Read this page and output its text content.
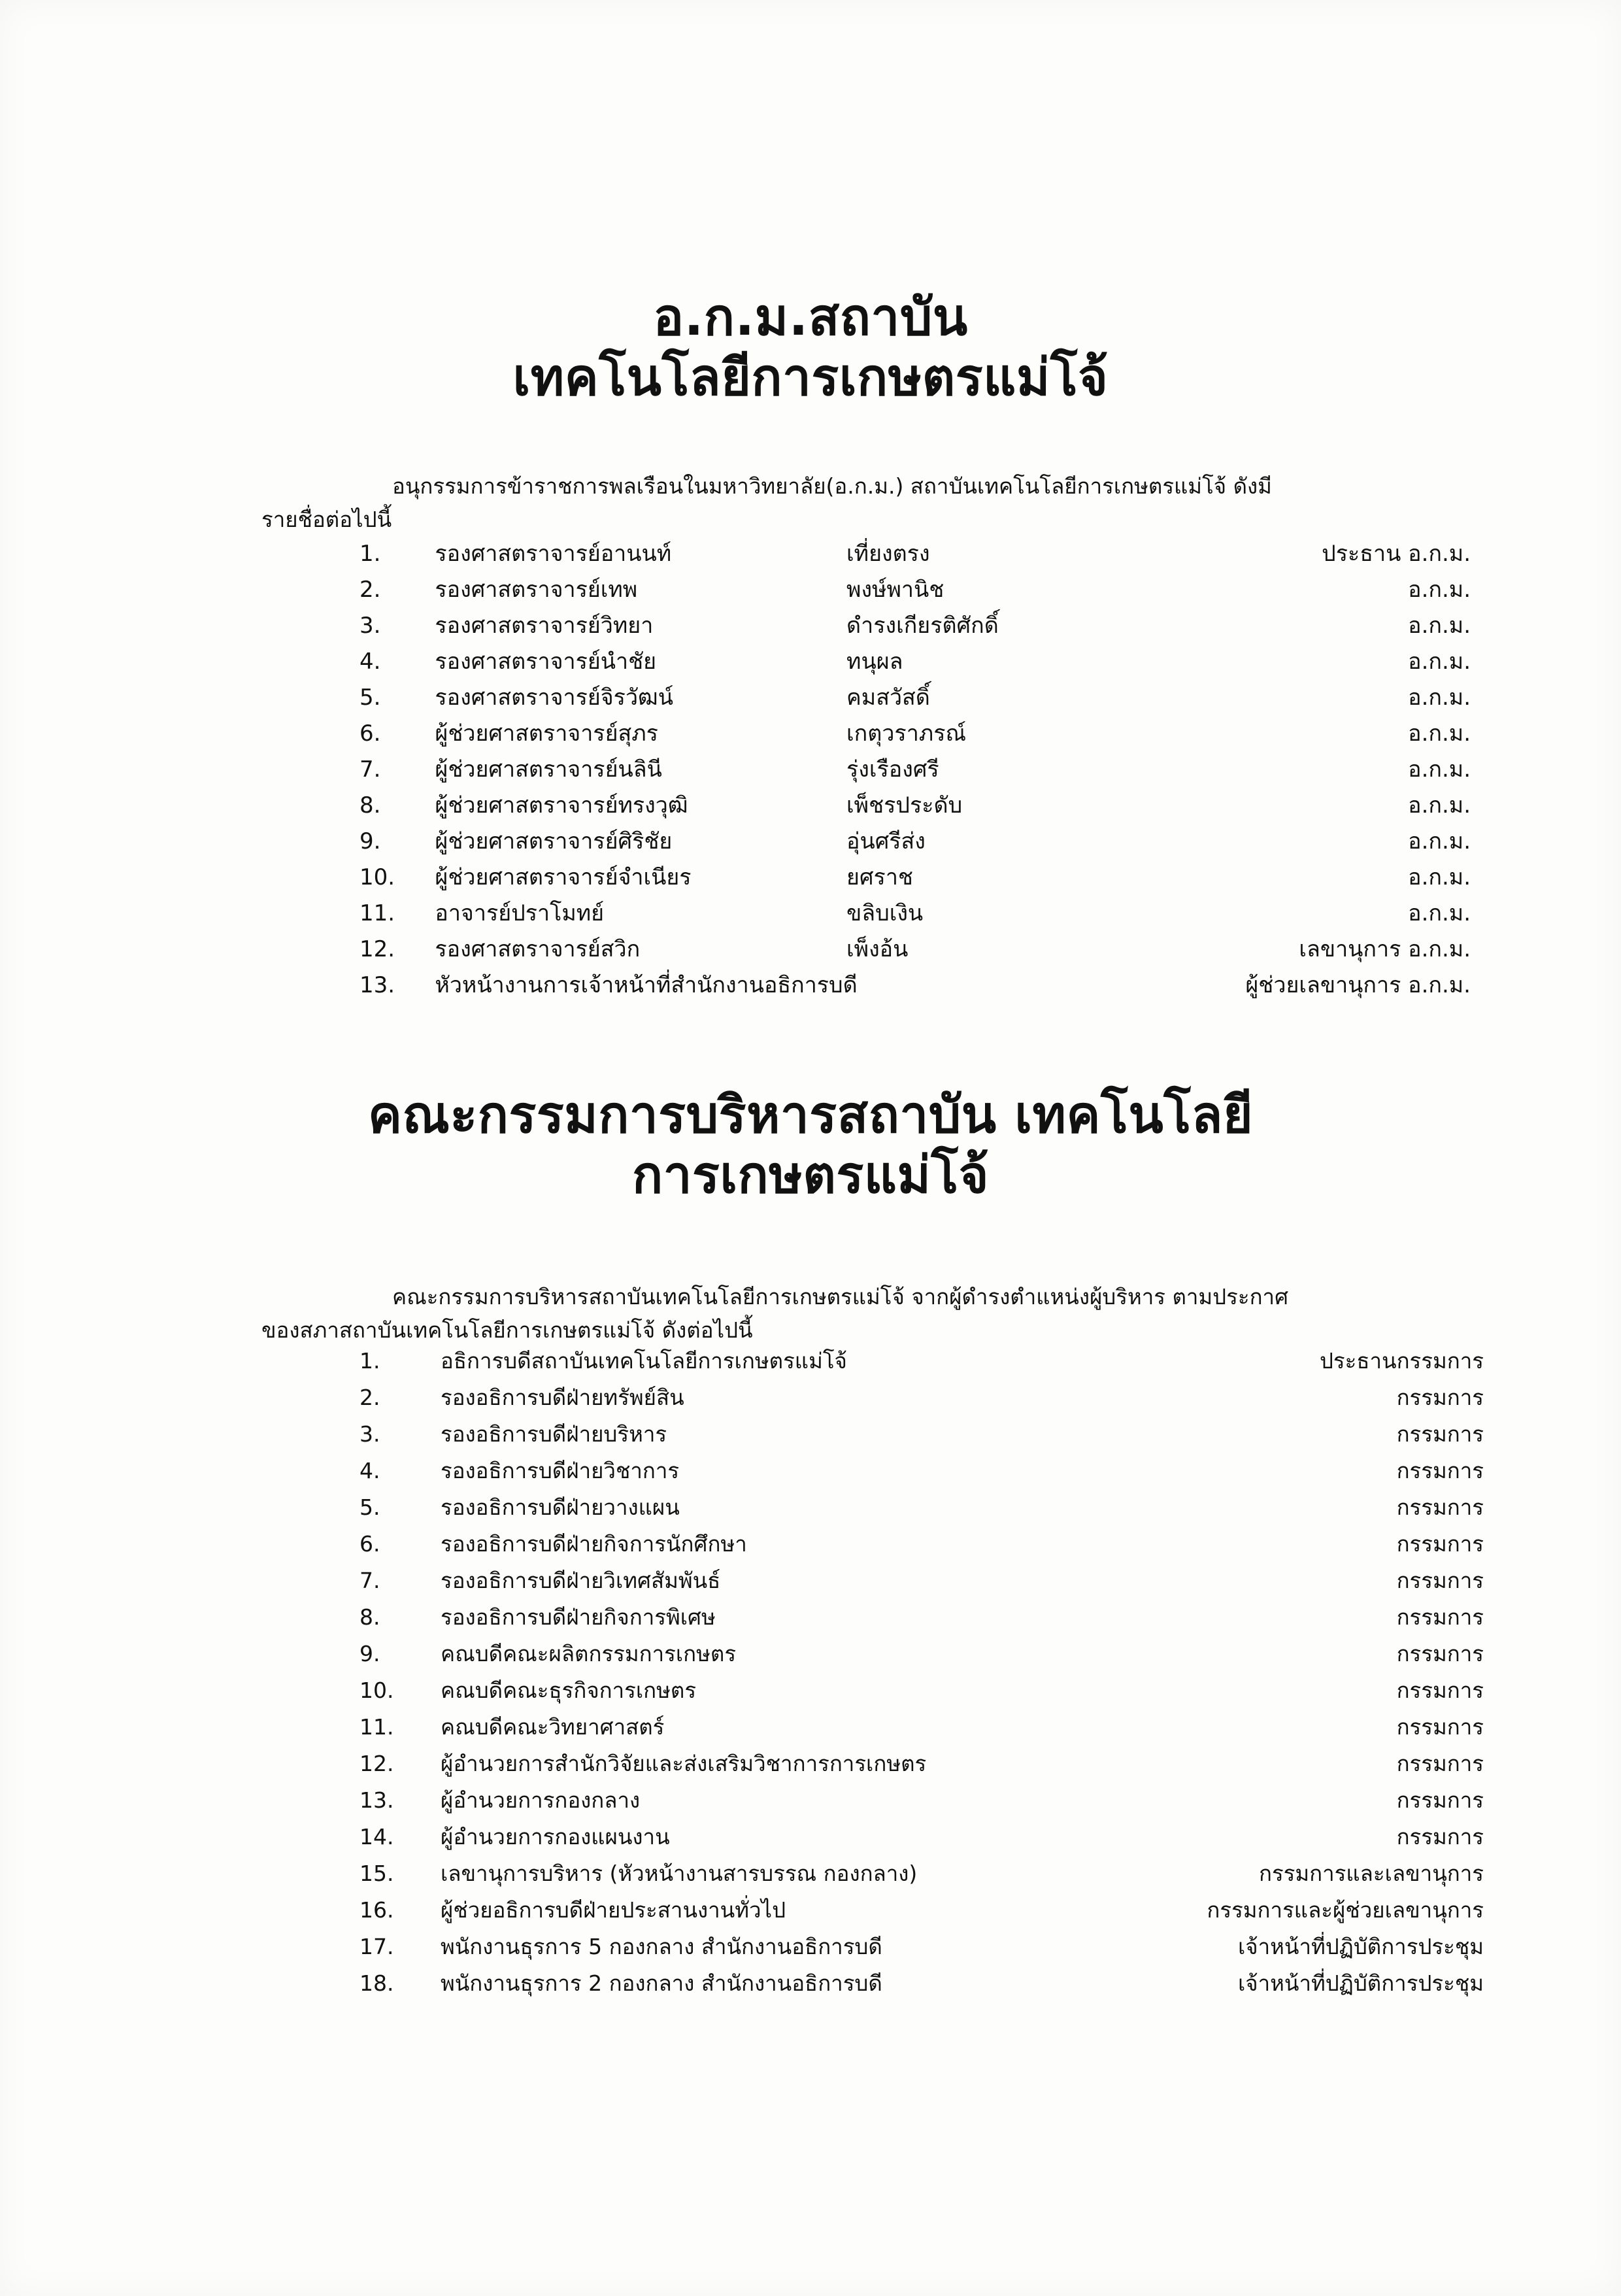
อ.ก.ม.สถาบัน
เทคโนโลยีการเกษตรแม่โจ้
อนุกรรมการข้าราชการพลเรือนในมหาวิทยาลัย(อ.ก.ม.) สถาบันเทคโนโลยีการเกษตรแม่โจ้ ดังมี
รายชื่อต่อไปนี้
1.	รองศาสตราจารย์อานนท์	เที่ยงตรง	ประธาน อ.ก.ม.
2.	รองศาสตราจารย์เทพ	พงษ์พานิช	อ.ก.ม.
3.	รองศาสตราจารย์วิทยา	ดำรงเกียรติศักดิ์	อ.ก.ม.
4.	รองศาสตราจารย์นำชัย	ทนุผล	อ.ก.ม.
5.	รองศาสตราจารย์จิรวัฒน์	คมสวัสดิ์	อ.ก.ม.
6.	ผู้ช่วยศาสตราจารย์สุภร	เกตุวราภรณ์	อ.ก.ม.
7.	ผู้ช่วยศาสตราจารย์นลินี	รุ่งเรืองศรี	อ.ก.ม.
8.	ผู้ช่วยศาสตราจารย์ทรงวุฒิ	เพ็ชรประดับ	อ.ก.ม.
9.	ผู้ช่วยศาสตราจารย์ศิริชัย	อุ่นศรีส่ง	อ.ก.ม.
10.	ผู้ช่วยศาสตราจารย์จำเนียร	ยศราช	อ.ก.ม.
11.	อาจารย์ปราโมทย์	ขลิบเงิน	อ.ก.ม.
12.	รองศาสตราจารย์สวิก	เพ็งอ้น	เลขานุการ อ.ก.ม.
13.	หัวหน้างานการเจ้าหน้าที่สำนักงานอธิการบดี		ผู้ช่วยเลขานุการ อ.ก.ม.
คณะกรรมการบริหารสถาบัน เทคโนโลยีการเกษตรแม่โจ้
คณะกรรมการบริหารสถาบันเทคโนโลยีการเกษตรแม่โจ้ จากผู้ดำรงตำแหน่งผู้บริหาร ตามประกาศ
ของสภาสถาบันเทคโนโลยีการเกษตรแม่โจ้ ดังต่อไปนี้
1.	อธิการบดีสถาบันเทคโนโลยีการเกษตรแม่โจ้	ประธานกรรมการ
2.	รองอธิการบดีฝ่ายทรัพย์สิน	กรรมการ
3.	รองอธิการบดีฝ่ายบริหาร	กรรมการ
4.	รองอธิการบดีฝ่ายวิชาการ	กรรมการ
5.	รองอธิการบดีฝ่ายวางแผน	กรรมการ
6.	รองอธิการบดีฝ่ายกิจการนักศึกษา	กรรมการ
7.	รองอธิการบดีฝ่ายวิเทศสัมพันธ์	กรรมการ
8.	รองอธิการบดีฝ่ายกิจการพิเศษ	กรรมการ
9.	คณบดีคณะผลิตกรรมการเกษตร	กรรมการ
10.	คณบดีคณะธุรกิจการเกษตร	กรรมการ
11.	คณบดีคณะวิทยาศาสตร์	กรรมการ
12.	ผู้อำนวยการสำนักวิจัยและส่งเสริมวิชาการการเกษตร	กรรมการ
13.	ผู้อำนวยการกองกลาง	กรรมการ
14.	ผู้อำนวยการกองแผนงาน	กรรมการ
15.	เลขานุการบริหาร (หัวหน้างานสารบรรณ กองกลาง)	กรรมการและเลขานุการ
16.	ผู้ช่วยอธิการบดีฝ่ายประสานงานทั่วไป	กรรมการและผู้ช่วยเลขานุการ
17.	พนักงานธุรการ 5 กองกลาง สำนักงานอธิการบดี	เจ้าหน้าที่ปฏิบัติการประชุม
18.	พนักงานธุรการ 2 กองกลาง สำนักงานอธิการบดี	เจ้าหน้าที่ปฏิบัติการประชุม
